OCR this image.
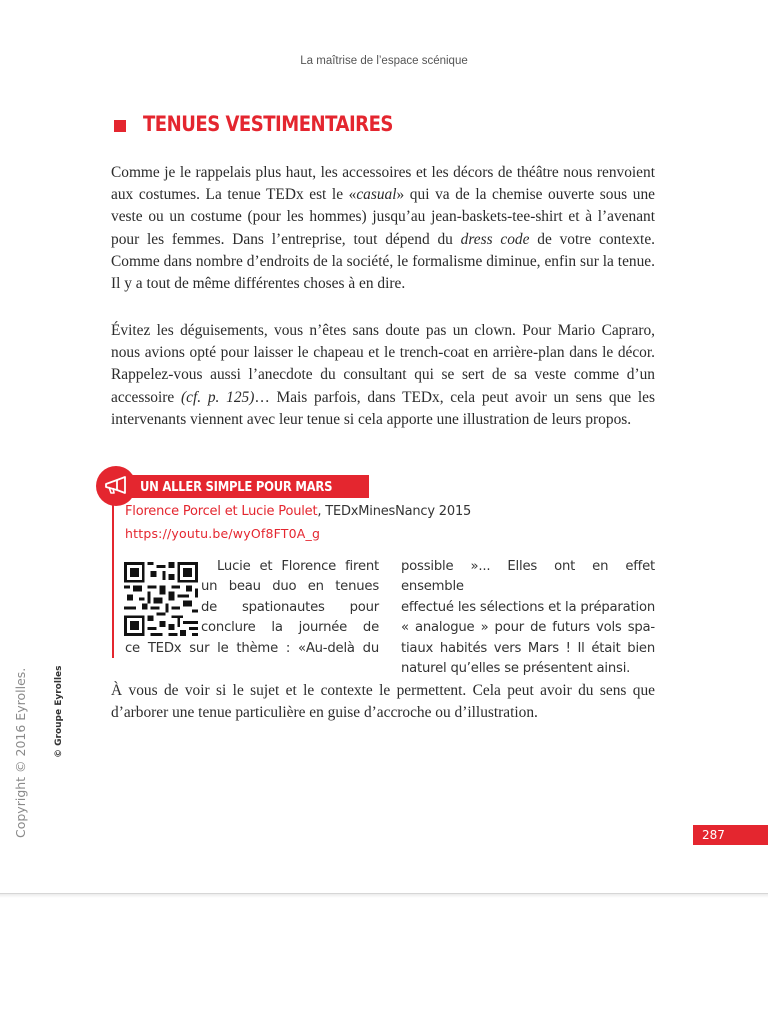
La maîtrise de l’espace scénique
TENUES VESTIMENTAIRES

Comme je le rappelais plus haut, les accessoires et les décors de théâtre nous renvoient aux costumes. La tenue TEDx est le «casual» qui va de la chemise ouverte sous une veste ou un costume (pour les hommes) jusqu’au jean-baskets-tee-shirt et à l’avenant pour les femmes. Dans l’entreprise, tout dépend du dress code de votre contexte. Comme dans nombre d’endroits de la société, le formalisme diminue, enfin sur la tenue. Il y a tout de même différentes choses à en dire.

Évitez les déguisements, vous n’êtes sans doute pas un clown. Pour Mario Capraro, nous avions opté pour laisser le chapeau et le trench-coat en arrière-plan dans le décor. Rappelez-vous aussi l’anecdote du consultant qui se sert de sa veste comme d’un accessoire (cf. p. 125)… Mais parfois, dans TEDx, cela peut avoir un sens que les intervenants viennent avec leur tenue si cela apporte une illustration de leurs propos.

UN ALLER SIMPLE POUR MARS
Florence Porcel et Lucie Poulet, TEDxMinesNancy 2015
https://youtu.be/wyOf8FT0A_g
Lucie et Florence firent
un beau duo en tenues
de spationautes pour
conclure la journée de
ce TEDx sur le thème : «Au-delà du
possible »... Elles ont en effet ensemble
effectué les sélections et la préparation
« analogue » pour de futurs vols spa-
tiaux habités vers Mars ! Il était bien
naturel qu’elles se présentent ainsi.

À vous de voir si le sujet et le contexte le permettent. Cela peut avoir du sens que d’arborer une tenue particulière en guise d’accroche ou d’illustration.

Copyright © 2016 Eyrolles.	© Groupe Eyrolles
287
